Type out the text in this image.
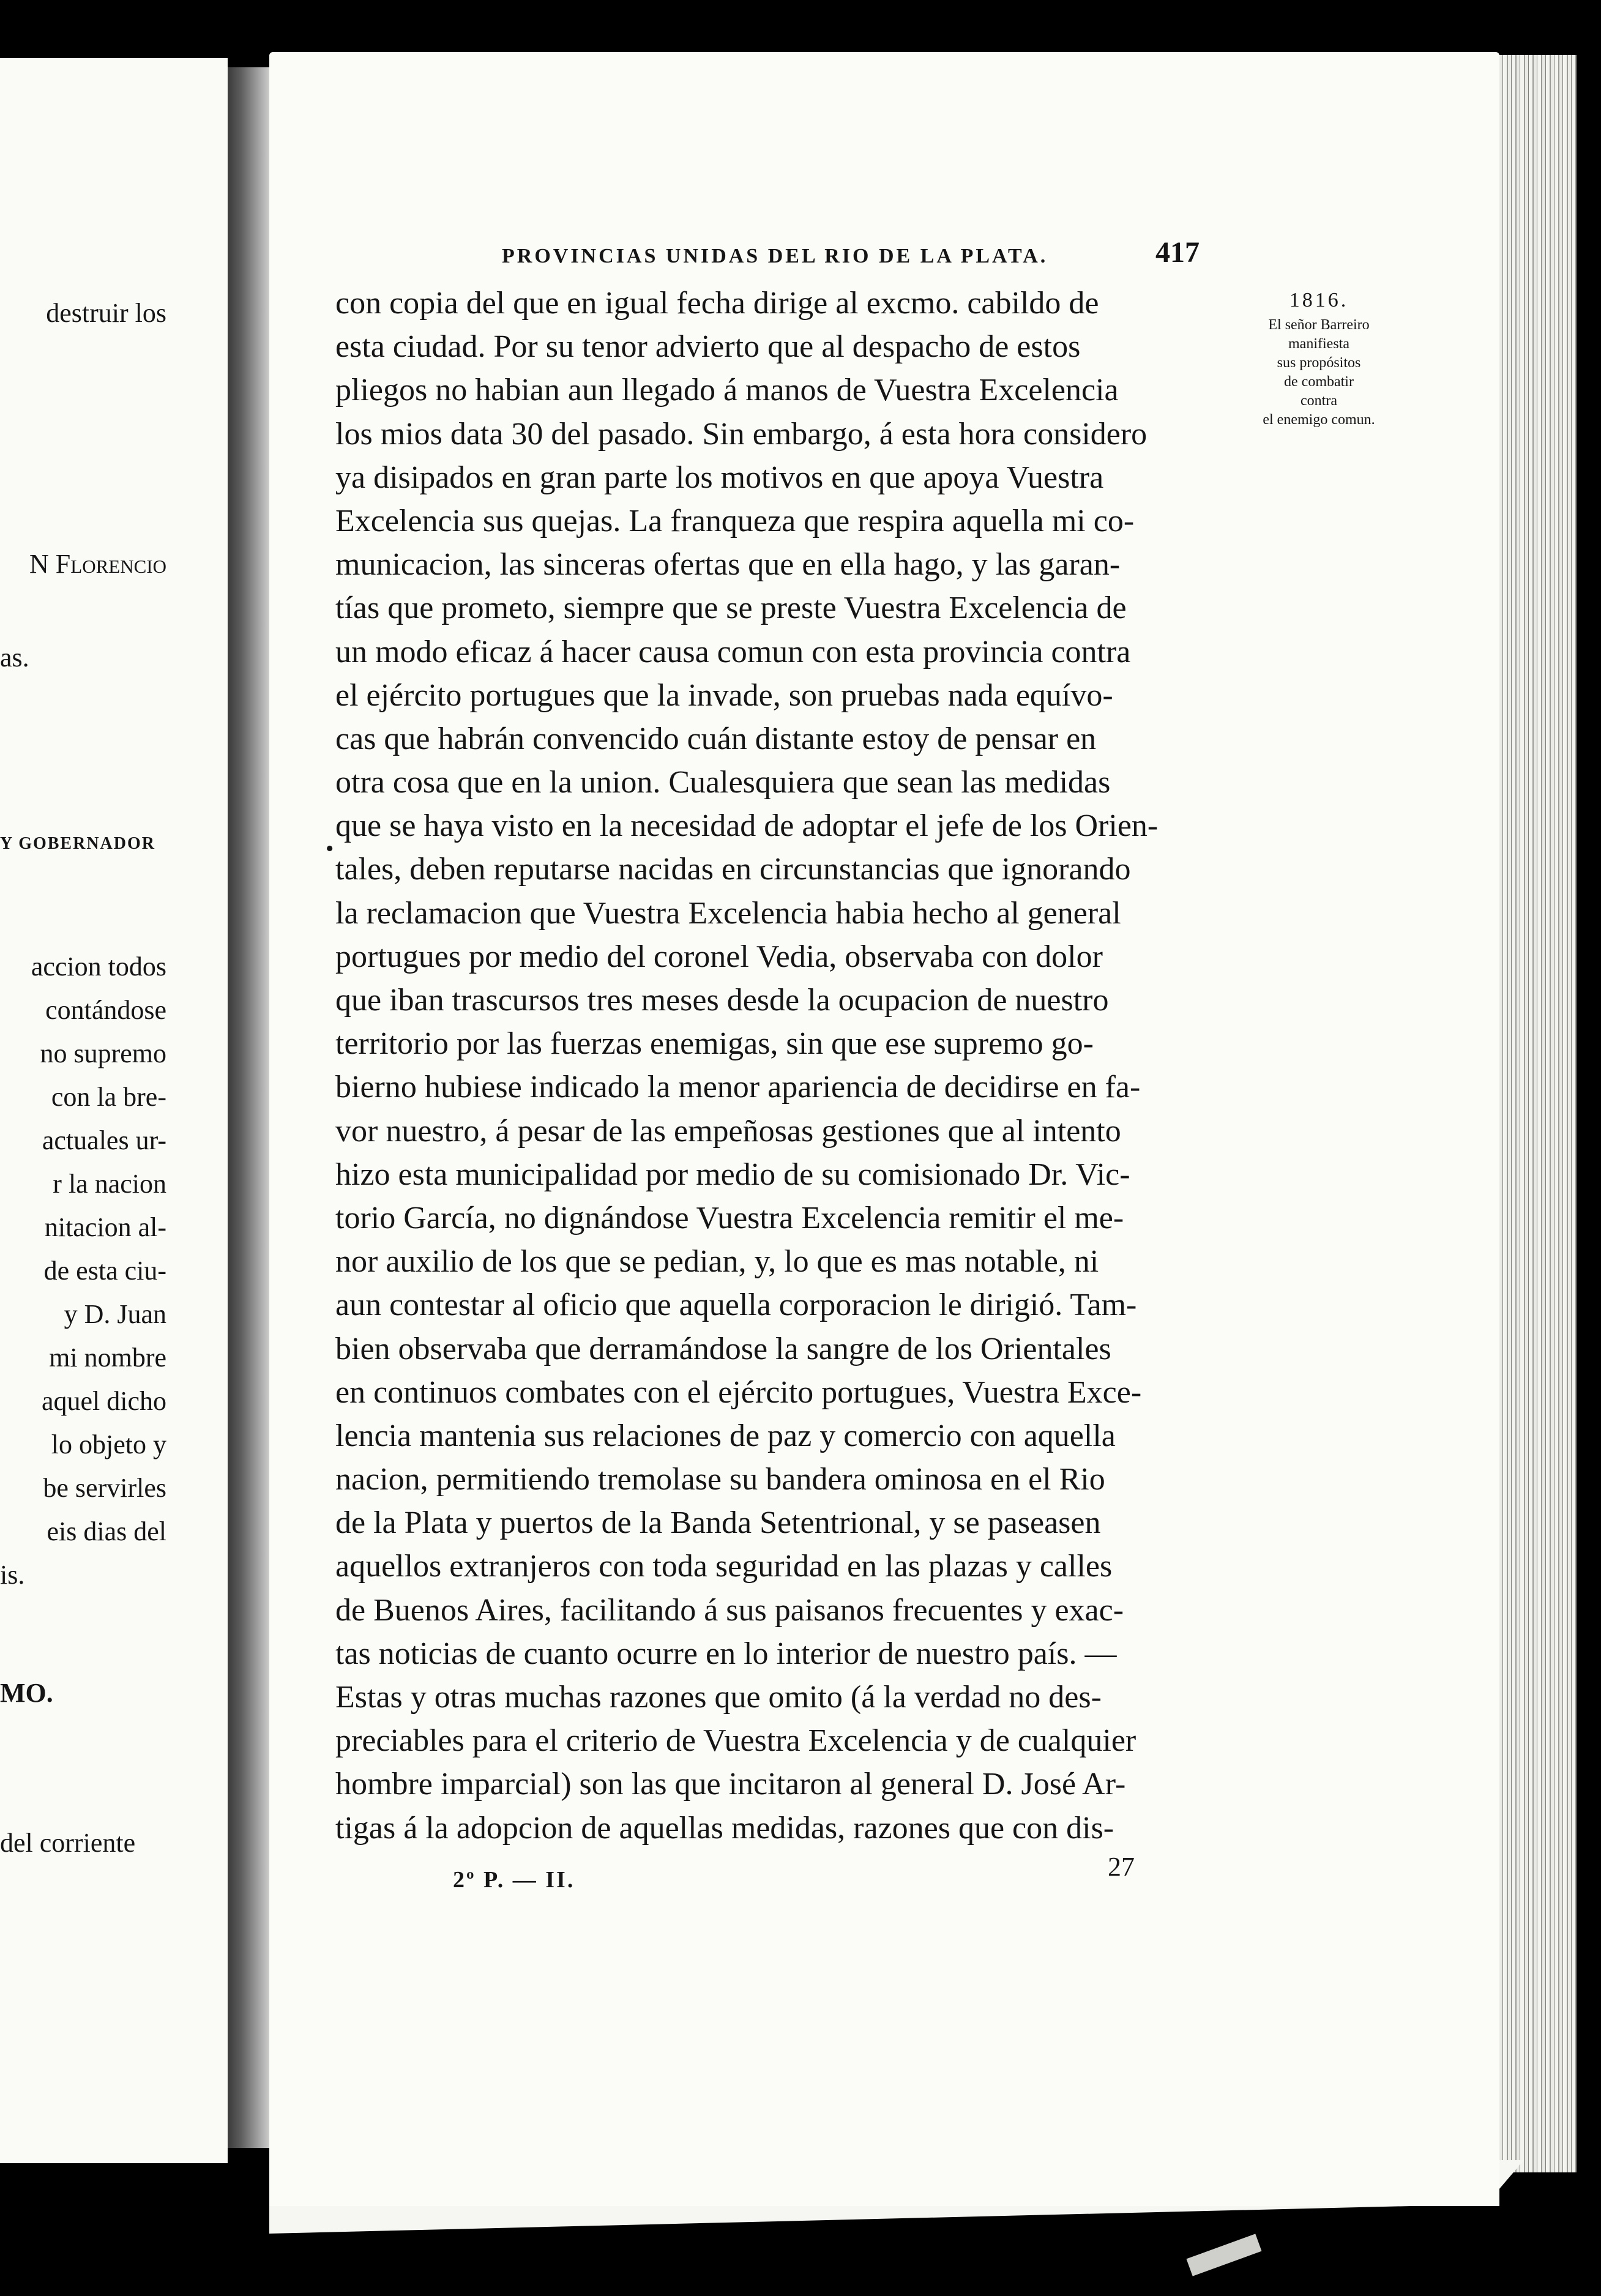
destruir los
N Florencio
as.
Y GOBERNADOR
accion todos
contándose
no supremo
con la bre-
actuales ur-
r la nacion
nitacion al-
de esta ciu-
y D. Juan
mi nombre
aquel dicho
lo objeto y
be servirles
eis dias del
is.
MO.
del corriente
PROVINCIAS UNIDAS DEL RIO DE LA PLATA.	417
1816.
El señor Barreiro
manifiesta
sus propósitos
de combatir
contra
el enemigo comun.
•
con copia del que en igual fecha dirige al excmo. cabildo de
esta ciudad. Por su tenor advierto que al despacho de estos
pliegos no habian aun llegado á manos de Vuestra Excelencia
los mios data 30 del pasado. Sin embargo, á esta hora considero
ya disipados en gran parte los motivos en que apoya Vuestra
Excelencia sus quejas. La franqueza que respira aquella mi co-
municacion, las sinceras ofertas que en ella hago, y las garan-
tías que prometo, siempre que se preste Vuestra Excelencia de
un modo eficaz á hacer causa comun con esta provincia contra
el ejército portugues que la invade, son pruebas nada equívo-
cas que habrán convencido cuán distante estoy de pensar en
otra cosa que en la union. Cualesquiera que sean las medidas
que se haya visto en la necesidad de adoptar el jefe de los Orien-
tales, deben reputarse nacidas en circunstancias que ignorando
la reclamacion que Vuestra Excelencia habia hecho al general
portugues por medio del coronel Vedia, observaba con dolor
que iban trascursos tres meses desde la ocupacion de nuestro
territorio por las fuerzas enemigas, sin que ese supremo go-
bierno hubiese indicado la menor apariencia de decidirse en fa-
vor nuestro, á pesar de las empeñosas gestiones que al intento
hizo esta municipalidad por medio de su comisionado Dr. Vic-
torio García, no dignándose Vuestra Excelencia remitir el me-
nor auxilio de los que se pedian, y, lo que es mas notable, ni
aun contestar al oficio que aquella corporacion le dirigió. Tam-
bien observaba que derramándose la sangre de los Orientales
en continuos combates con el ejército portugues, Vuestra Exce-
lencia mantenia sus relaciones de paz y comercio con aquella
nacion, permitiendo tremolase su bandera ominosa en el Rio
de la Plata y puertos de la Banda Setentrional, y se paseasen
aquellos extranjeros con toda seguridad en las plazas y calles
de Buenos Aires, facilitando á sus paisanos frecuentes y exac-
tas noticias de cuanto ocurre en lo interior de nuestro país. —
Estas y otras muchas razones que omito (á la verdad no des-
preciables para el criterio de Vuestra Excelencia y de cualquier
hombre imparcial) son las que incitaron al general D. José Ar-
tigas á la adopcion de aquellas medidas, razones que con dis-
2º P. — II.	27
